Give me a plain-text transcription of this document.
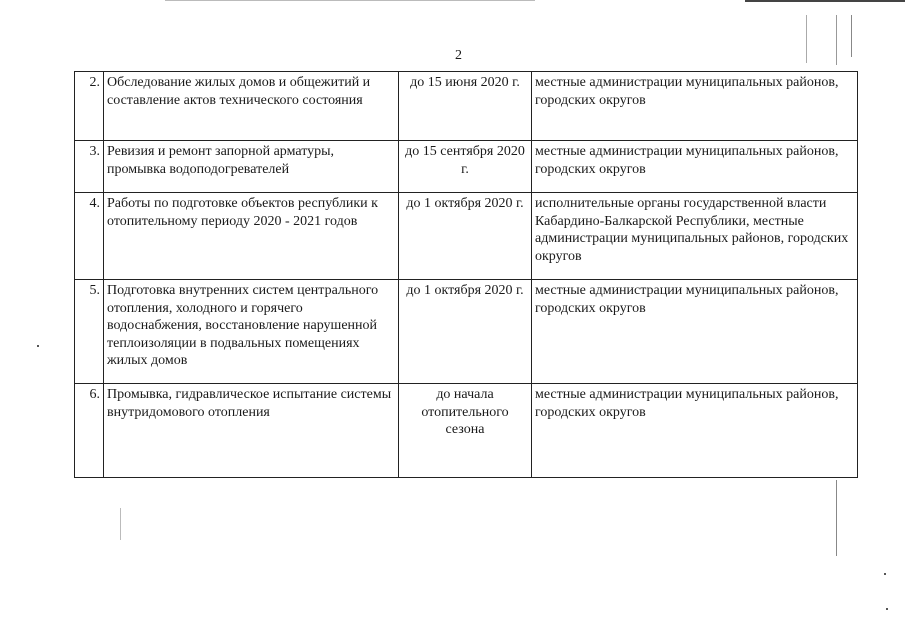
2
2.	Обследование жилых домов и общежитий и составление актов технического состояния	до 15 июня 2020 г.	местные администрации муниципальных районов, городских округов
3.	Ревизия и ремонт запорной арматуры, промывка водоподогревателей	до 15 сентября 2020 г.	местные администрации муниципальных районов, городских округов
4.	Работы по подготовке объектов республики к отопительному периоду 2020 - 2021 годов	до 1 октября 2020 г.	исполнительные органы государственной власти Кабардино-Балкарской Республики, местные администрации муниципальных районов, городских округов
5.	Подготовка внутренних систем центрального отопления, холодного и горячего водоснабжения, восстановление нарушенной теплоизоляции в подвальных помещениях жилых домов	до 1 октября 2020 г.	местные администрации муниципальных районов, городских округов
6.	Промывка, гидравлическое испытание системы внутридомового отопления	до начала отопительного сезона	местные администрации муниципальных районов, городских округов
